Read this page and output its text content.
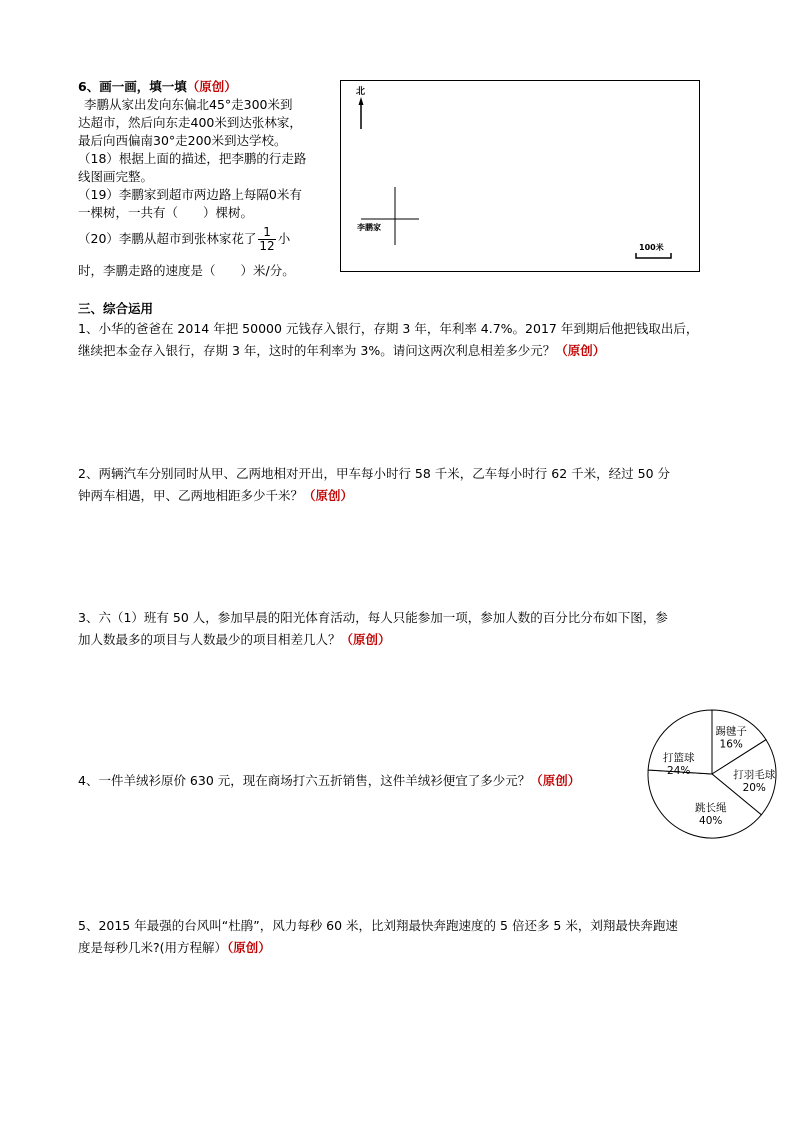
6、画一画，填一填（原创）
李鹏从家出发向东偏北45°走300米到
达超市，然后向东走400米到达张林家，
最后向西偏南30°走200米到达学校。
（18）根据上面的描述，把李鹏的行走路
线图画完整。
（19）李鹏家到超市两边路上每隔0米有
一棵树，一共有（　　）棵树。
（20）李鹏从超市到张林家花了 $\frac{1}{12}$ 小
时，李鹏走路的速度是（　　）米/分。
北
李鹏家
100米
三、综合运用
1、小华的爸爸在 2014 年把 50000 元钱存入银行，存期 3 年，年利率 4.7%。2017 年到期后他把钱取出后，
继续把本金存入银行，存期 3 年，这时的年利率为 3%。请问这两次利息相差多少元？（原创）
2、两辆汽车分别同时从甲、乙两地相对开出，甲车每小时行 58 千米，乙车每小时行 62 千米，经过 50 分
钟两车相遇，甲、乙两地相距多少千米？（原创）
3、六（1）班有 50 人，参加早晨的阳光体育活动，每人只能参加一项，参加人数的百分比分布如下图，参
加人数最多的项目与人数最少的项目相差几人？（原创）
4、一件羊绒衫原价 630 元，现在商场打六五折销售，这件羊绒衫便宜了多少元？（原创）
5、2015 年最强的台风叫“杜鹃”，风力每秒 60 米，比刘翔最快奔跑速度的 5 倍还多 5 米，刘翔最快奔跑速
度是每秒几米?(用方程解）（原创）
踢毽子
16%
打羽毛球
20%
跳长绳
40%
打篮球
24%
